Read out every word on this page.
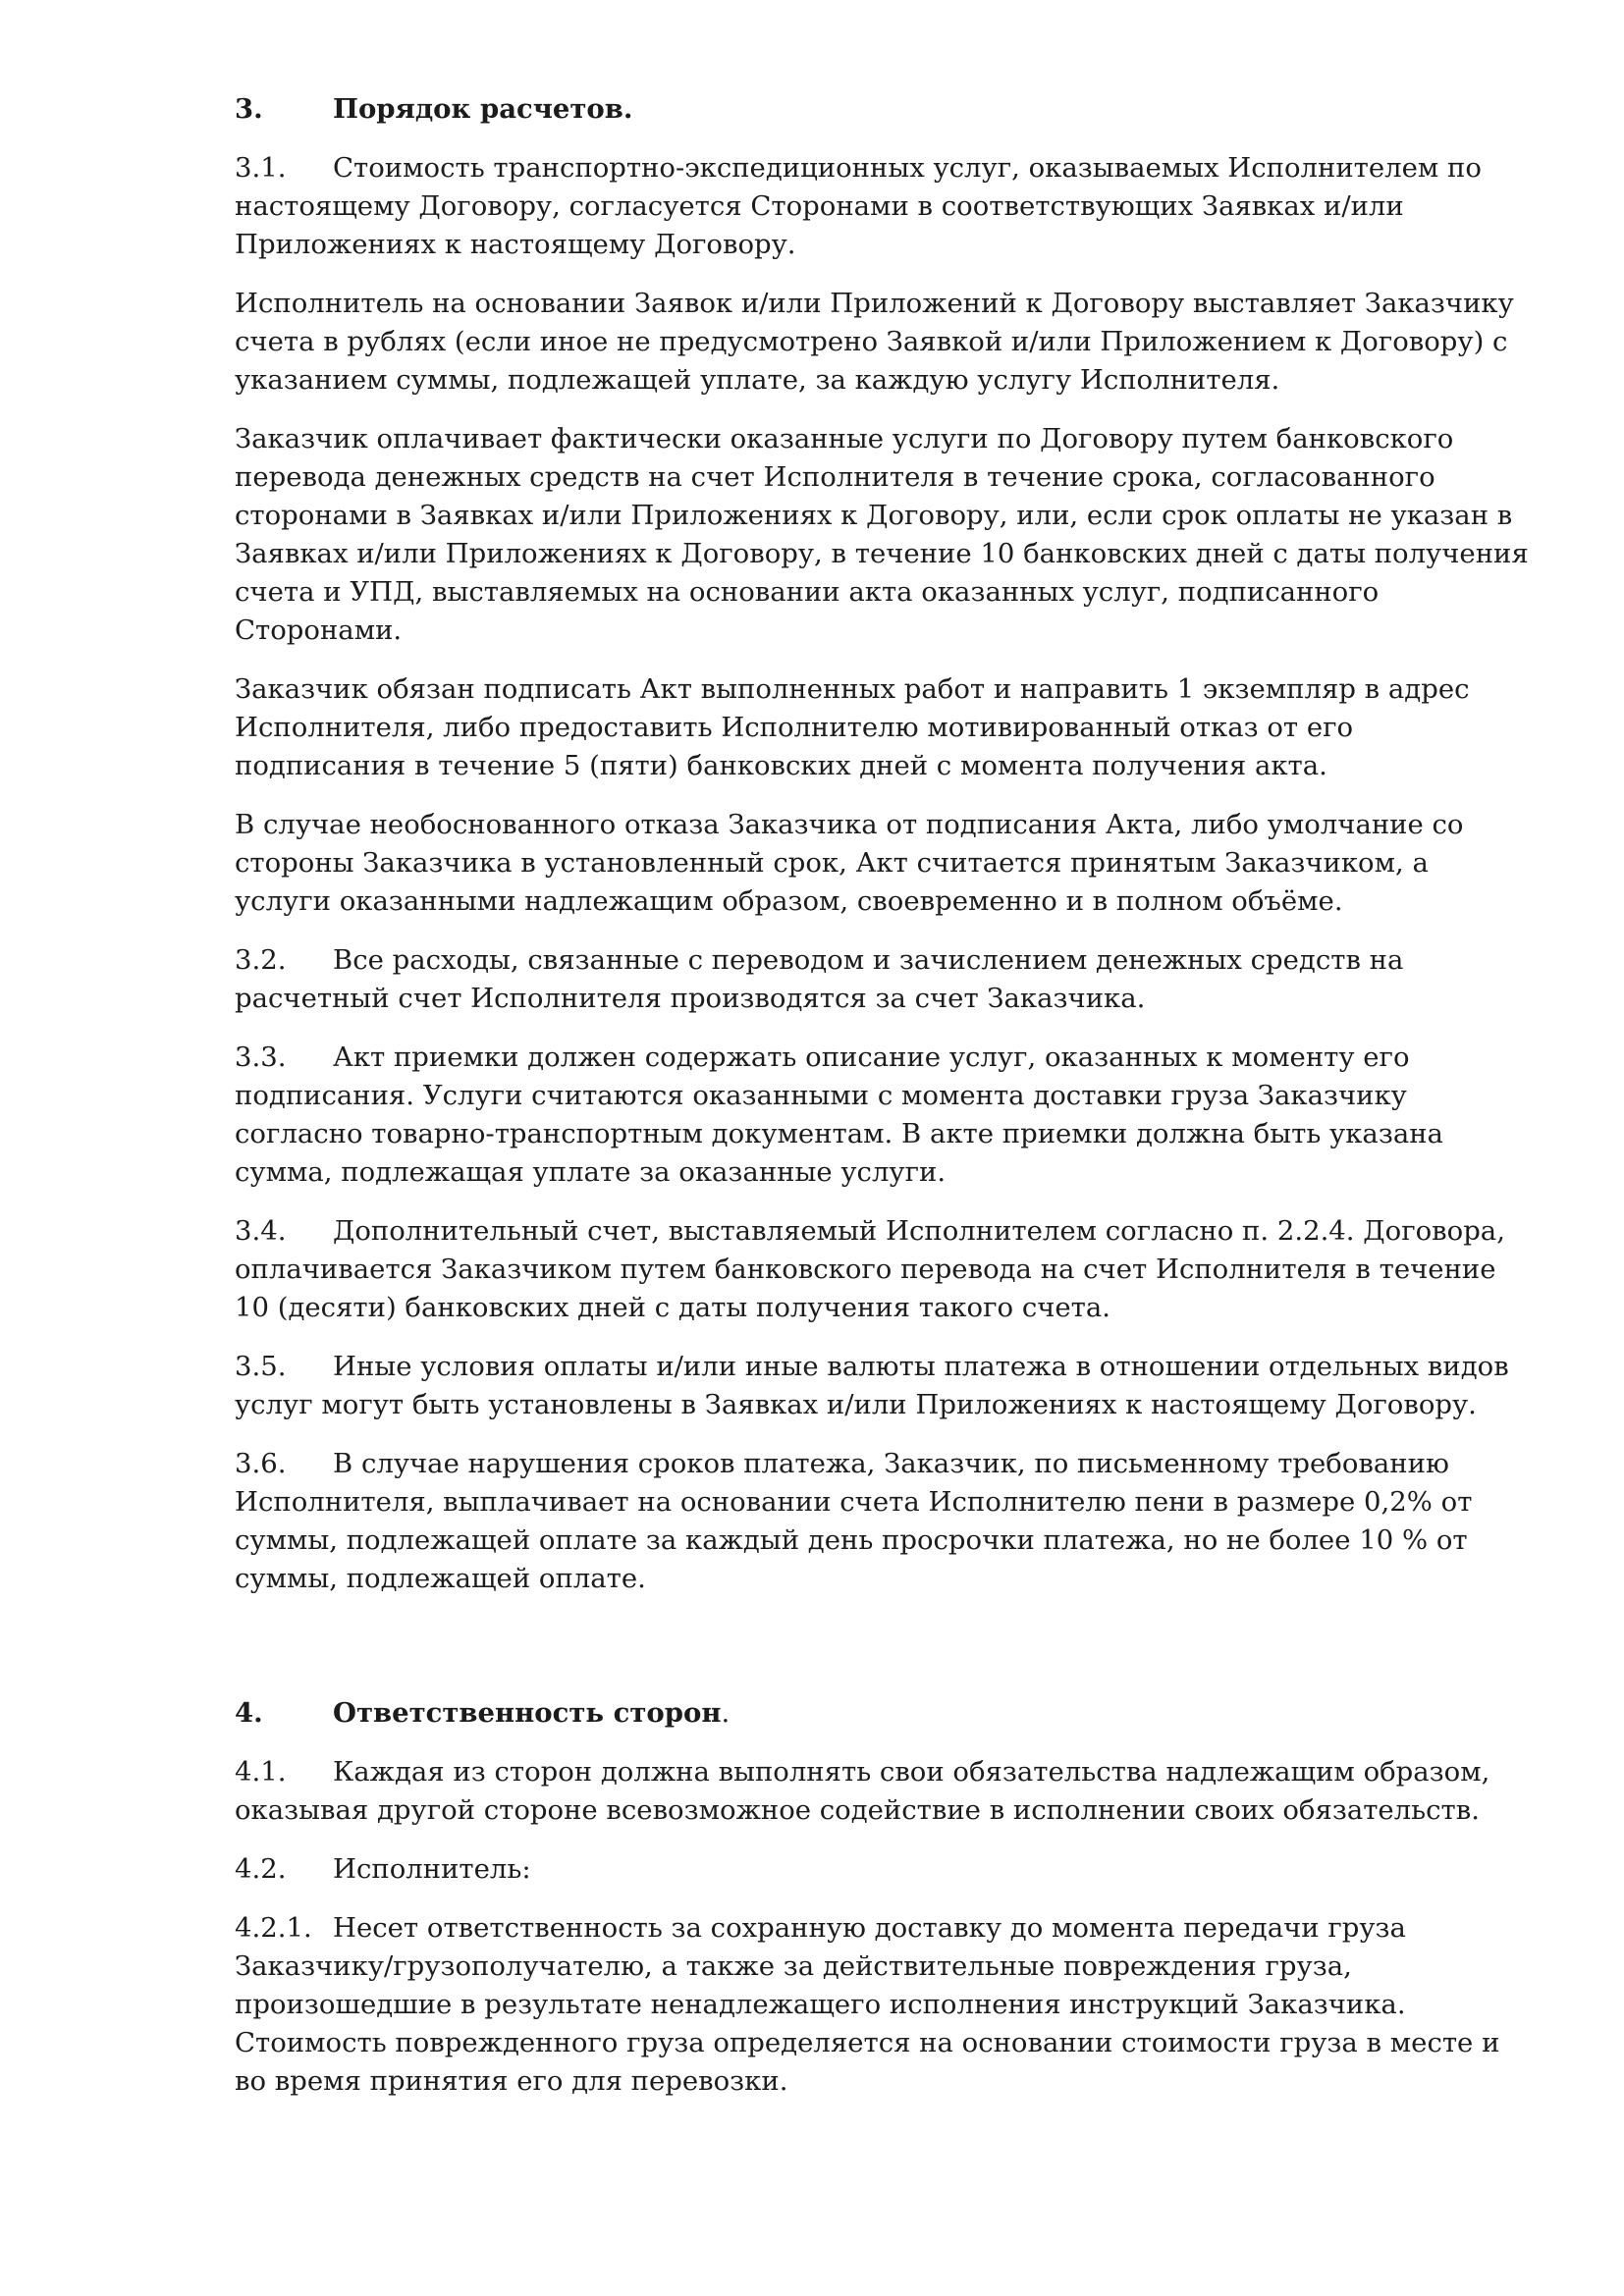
3.	Порядок расчетов.
3.1. Стоимость транспортно-экспедиционных услуг, оказываемых Исполнителем по настоящему Договору, согласуется Сторонами в соответствующих Заявках и/или Приложениях к настоящему Договору.
Исполнитель на основании Заявок и/или Приложений к Договору выставляет Заказчику счета в рублях (если иное не предусмотрено Заявкой и/или Приложением к Договору) с указанием суммы, подлежащей уплате, за каждую услугу Исполнителя.
Заказчик оплачивает фактически оказанные услуги по Договору путем банковского перевода денежных средств на счет Исполнителя в течение срока, согласованного сторонами в Заявках и/или Приложениях к Договору, или, если срок оплаты не указан в Заявках и/или Приложениях к Договору, в течение 10 банковских дней с даты получения счета и УПД, выставляемых на основании акта оказанных услуг, подписанного Сторонами.
Заказчик обязан подписать Акт выполненных работ и направить 1 экземпляр в адрес Исполнителя, либо предоставить Исполнителю мотивированный отказ от его подписания в течение 5 (пяти) банковских дней с момента получения акта.
В случае необоснованного отказа Заказчика от подписания Акта, либо умолчание со стороны Заказчика в установленный срок, Акт считается принятым Заказчиком, а услуги оказанными надлежащим образом, своевременно и в полном объёме.
3.2. Все расходы, связанные с переводом и зачислением денежных средств на расчетный счет Исполнителя производятся за счет Заказчика.
3.3. Акт приемки должен содержать описание услуг, оказанных к моменту его подписания. Услуги считаются оказанными с момента доставки груза Заказчику согласно товарно-транспортным документам. В акте приемки должна быть указана сумма, подлежащая уплате за оказанные услуги.
3.4. Дополнительный счет, выставляемый Исполнителем согласно п. 2.2.4. Договора, оплачивается Заказчиком путем банковского перевода на счет Исполнителя в течение 10 (десяти) банковских дней с даты получения такого счета.
3.5. Иные условия оплаты и/или иные валюты платежа в отношении отдельных видов услуг могут быть установлены в Заявках и/или Приложениях к настоящему Договору.
3.6. В случае нарушения сроков платежа, Заказчик, по письменному требованию Исполнителя, выплачивает на основании счета Исполнителю пени в размере 0,2% от суммы, подлежащей оплате за каждый день просрочки платежа, но не более 10 % от суммы, подлежащей оплате.
4.	Ответственность сторон.
4.1. Каждая из сторон должна выполнять свои обязательства надлежащим образом, оказывая другой стороне всевозможное содействие в исполнении своих обязательств.
4.2. Исполнитель:
4.2.1. Несет ответственность за сохранную доставку до момента передачи груза Заказчику/грузополучателю, а также за действительные повреждения груза, произошедшие в результате ненадлежащего исполнения инструкций Заказчика. Стоимость поврежденного груза определяется на основании стоимости груза в месте и во время принятия его для перевозки.
